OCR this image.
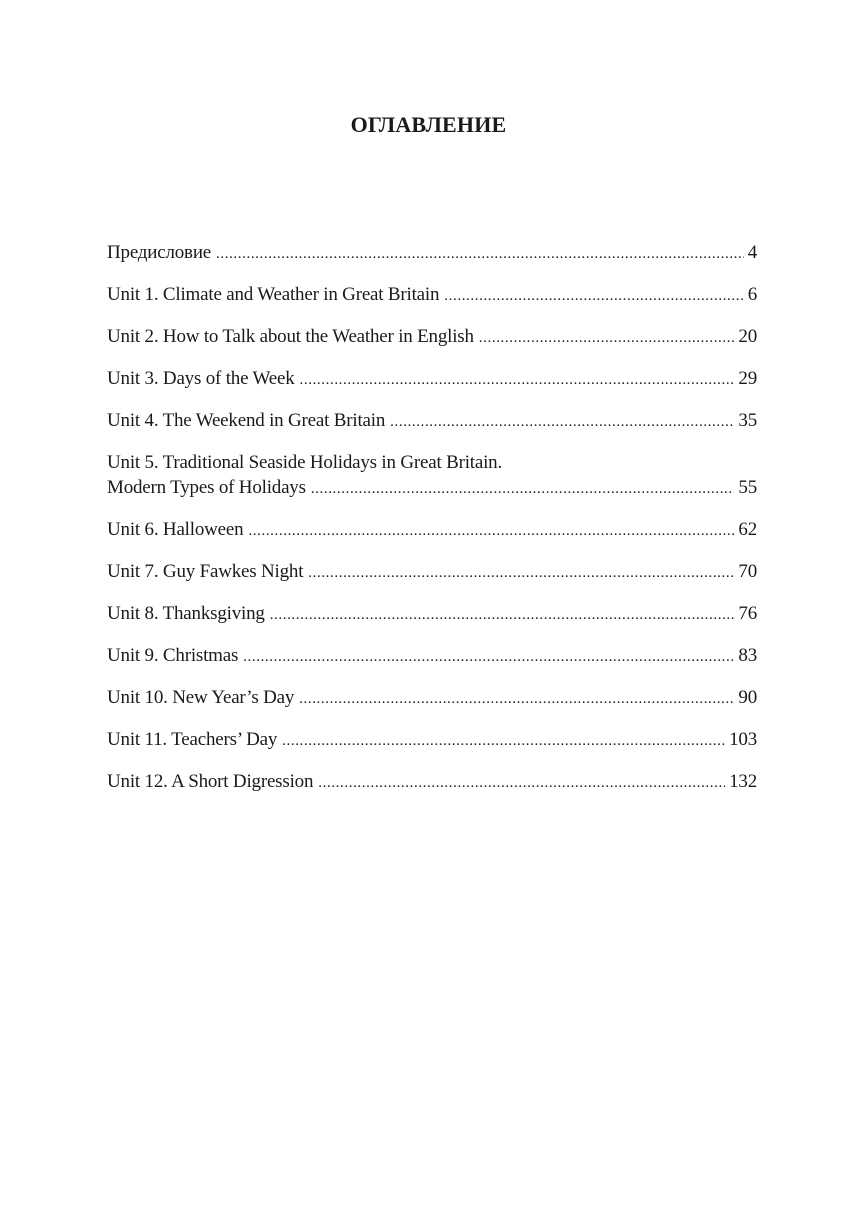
ОГЛАВЛЕНИЕ
Предисловие .....	4
Unit 1. Climate and Weather in Great Britain .....	6
Unit 2. How to Talk about the Weather in English .....	20
Unit 3. Days of the Week .....	29
Unit 4. The Weekend in Great Britain .....	35
Unit 5. Traditional Seaside Holidays in Great Britain.
Modern Types of Holidays .....	55
Unit 6. Halloween .....	62
Unit 7. Guy Fawkes Night .....	70
Unit 8. Thanksgiving .....	76
Unit 9. Christmas .....	83
Unit 10. New Year’s Day .....	90
Unit 11. Teachers’ Day .....	103
Unit 12. A Short Digression .....	132
